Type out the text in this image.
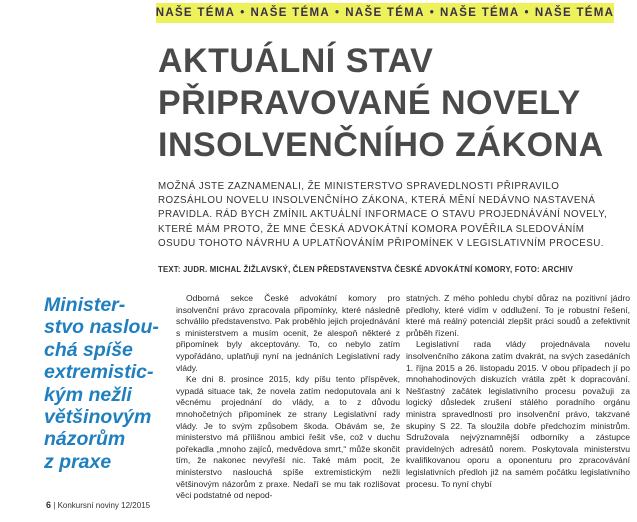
NAŠE TÉMA • NAŠE TÉMA • NAŠE TÉMA • NAŠE TÉMA • NAŠE TÉMA
AKTUÁLNÍ STAV
PŘIPRAVOVANÉ NOVELY
INSOLVENČNÍHO ZÁKONA

MOŽNÁ JSTE ZAZNAMENALI, ŽE MINISTERSTVO SPRAVEDLNOSTI PŘIPRAVILO ROZSÁHLOU NOVELU INSOLVENČNÍHO ZÁKONA, KTERÁ MĚNÍ NEDÁVNO NASTAVENÁ PRAVIDLA. RÁD BYCH ZMÍNIL AKTUÁLNÍ INFORMACE O STAVU PROJEDNÁVÁNÍ NOVELY, KTERÉ MÁM PROTO, ŽE MNE ČESKÁ ADVOKÁTNÍ KOMORA POVĚŘILA SLEDOVÁNÍM OSUDU TOHOTO NÁVRHU A UPLATŇOVÁNÍM PŘIPOMÍNEK V LEGISLATIVNÍM PROCESU.

TEXT: JUDR. MICHAL ŽIŽLAVSKÝ, ČLEN PŘEDSTAVENSTVA ČESKÉ ADVOKÁTNÍ KOMORY, FOTO: ARCHIV

Minister-
stvo naslou-
chá spíše
extremistic-
kým nežli
většinovým
názorům
z praxe

Odborná sekce České advokátní komory pro insolvenční právo zpracovala připomínky, které následně schválilo představenstvo. Pak proběhlo jejich projednávání s ministerstvem a musím ocenit, že alespoň některé z připomínek byly akceptovány. To, co nebylo zatím vypořádáno, uplatňuji nyní na jednáních Legislativní rady vlády.

Ke dni 8. prosince 2015, kdy píšu tento příspěvek, vypadá situace tak, že novela zatím nedoputovala ani k věcnému projednání do vlády, a to z důvodu mnohočetných připomínek ze strany Legislativní rady vlády. Je to svým způsobem škoda. Obávám se, že ministerstvo má přílišnou ambici řešit vše, což v duchu pořekadla „mnoho zajíců, medvědova smrt,“ může skončit tím, že nakonec nevyřeší nic. Také mám pocit, že ministerstvo naslouchá spíše extremistickým nežli většinovým názorům z praxe. Nedaří se mu tak rozlišovat věci podstatné od nepod-

statných. Z mého pohledu chybí důraz na pozitivní jádro předlohy, které vidím v oddlužení. To je robustní řešení, které má reálný potenciál zlepšit práci soudů a zefektivnit průběh řízení.

Legislativní rada vlády projednávala novelu insolvenčního zákona zatím dvakrát, na svých zasedáních 1. října 2015 a 26. listopadu 2015. V obou případech jí po mnohahodinových diskuzích vrátila zpět k dopracování. Nešťastný začátek legislativního procesu považuji za logický důsledek zrušení stálého poradního orgánu ministra spravedlnosti pro insolvenční právo, takzvané skupiny S 22. Ta sloužila dobře předchozím ministrům. Sdružovala nejvýznamnější odborníky a zástupce pravidelných adresátů norem. Poskytovala ministerstvu kvalifikovanou oporu a oponenturu pro zpracovávání legislativních předloh již na samém počátku legislativního procesu. To nyní chybí

6 | Konkursní noviny 12/2015
